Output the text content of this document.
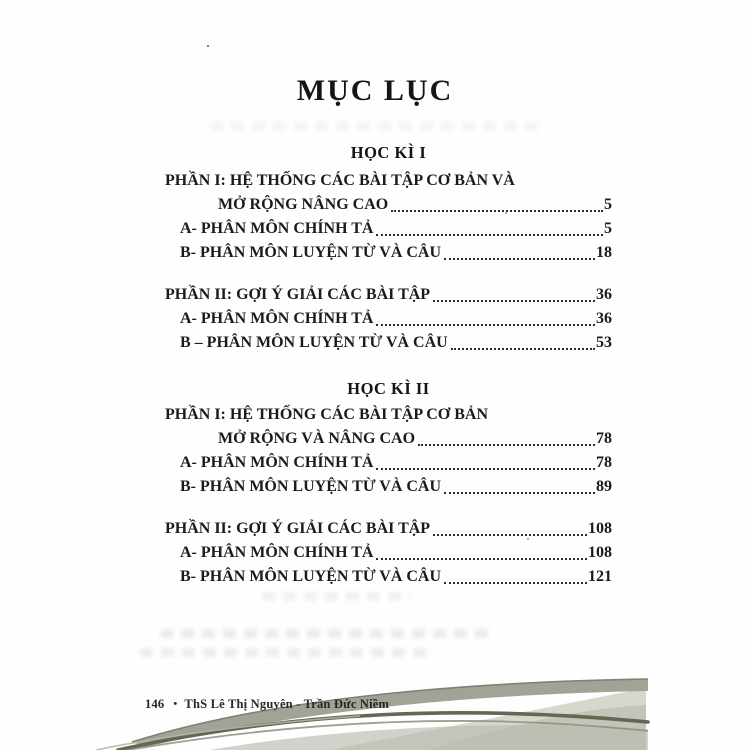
MỤC LỤC
HỌC KÌ I
PHẦN I: HỆ THỐNG CÁC BÀI TẬP CƠ BẢN VÀ
MỞ RỘNG NÂNG CAO	5
A- PHÂN MÔN CHÍNH TẢ	5
B- PHÂN MÔN LUYỆN TỪ VÀ CÂU	18
PHẦN II: GỢI Ý GIẢI CÁC BÀI TẬP	36
A- PHÂN MÔN CHÍNH TẢ	36
B – PHÂN MÔN LUYỆN TỪ VÀ CÂU	53
HỌC KÌ II
PHẦN I: HỆ THỐNG CÁC BÀI TẬP CƠ BẢN
MỞ RỘNG VÀ NÂNG CAO	78
A- PHÂN MÔN CHÍNH TẢ	78
B- PHÂN MÔN LUYỆN TỪ VÀ CÂU	89
PHẦN II: GỢI Ý GIẢI CÁC BÀI TẬP	108
A- PHÂN MÔN CHÍNH TẢ	108
B- PHÂN MÔN LUYỆN TỪ VÀ CÂU	121
146 • ThS Lê Thị Nguyên - Trần Đức Niềm
